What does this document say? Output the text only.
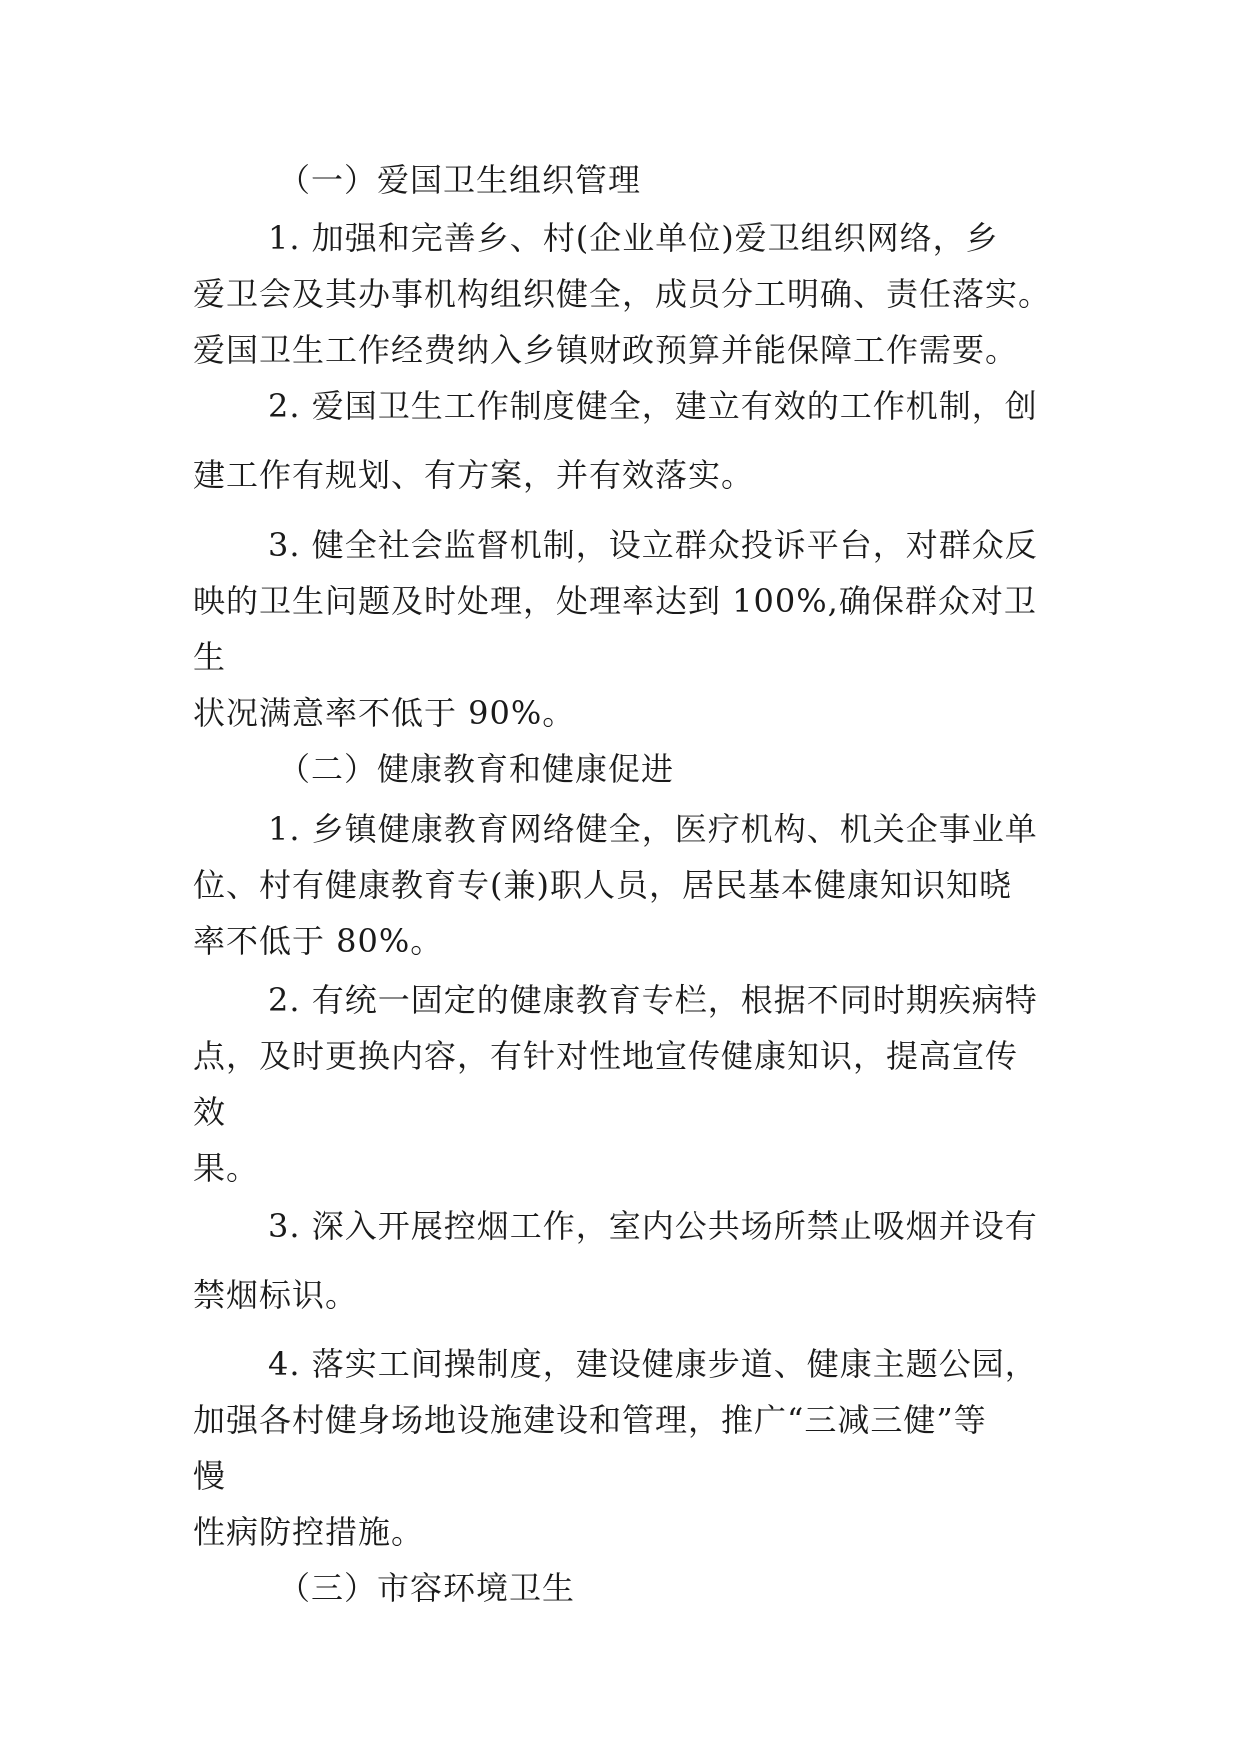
（一）爱国卫生组织管理
1. 加强和完善乡、村(企业单位)爱卫组织网络，乡
爱卫会及其办事机构组织健全，成员分工明确、责任落实。
爱国卫生工作经费纳入乡镇财政预算并能保障工作需要。
2. 爱国卫生工作制度健全，建立有效的工作机制，创
建工作有规划、有方案，并有效落实。
3. 健全社会监督机制，设立群众投诉平台，对群众反
映的卫生问题及时处理，处理率达到 100%,确保群众对卫
生
状况满意率不低于 90%。
（二）健康教育和健康促进
1. 乡镇健康教育网络健全，医疗机构、机关企事业单
位、村有健康教育专(兼)职人员，居民基本健康知识知晓
率不低于 80%。
2. 有统一固定的健康教育专栏，根据不同时期疾病特
点，及时更换内容，有针对性地宣传健康知识，提高宣传
效
果。
3. 深入开展控烟工作，室内公共场所禁止吸烟并设有
禁烟标识。
4. 落实工间操制度，建设健康步道、健康主题公园，
加强各村健身场地设施建设和管理，推广“三减三健”等
慢
性病防控措施。
（三）市容环境卫生
